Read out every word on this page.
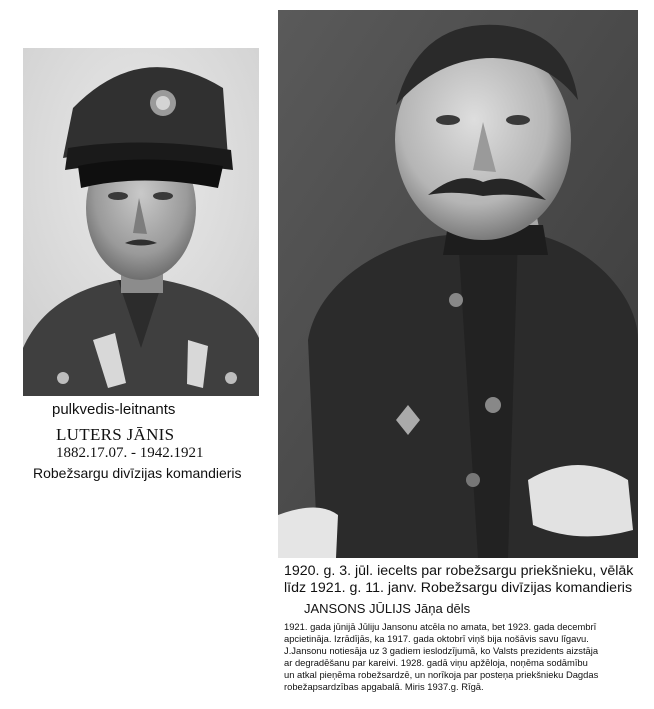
pulkvedis-leitnants
LUTERS JĀNIS
1882.17.07. - 1942.1921
Robežsargu divīzijas komandieris
1920. g. 3. jūl. iecelts par robežsargu priekšnieku, vēlāk
līdz 1921. g. 11. janv. Robežsargu divīzijas komandieris
JANSONS JŪLIJS Jāņa dēls
1921. gada jūnijā Jūliju Jansonu atcēla no amata, bet 1923. gada decembrī
apcietināja. Izrādījās, ka 1917. gada oktobrī viņš bija nošāvis savu līgavu.
J.Jansonu notiesāja uz 3 gadiem ieslodzījumā, ko Valsts prezidents aizstāja
ar degradēšanu par kareivi. 1928. gadā viņu apžēloja, noņēma sodāmību
un atkal pieņēma robežsardzē, un norīkoja par posteņa priekšnieku Dagdas
robežapsardzības apgabalā. Miris 1937.g. Rīgā.
